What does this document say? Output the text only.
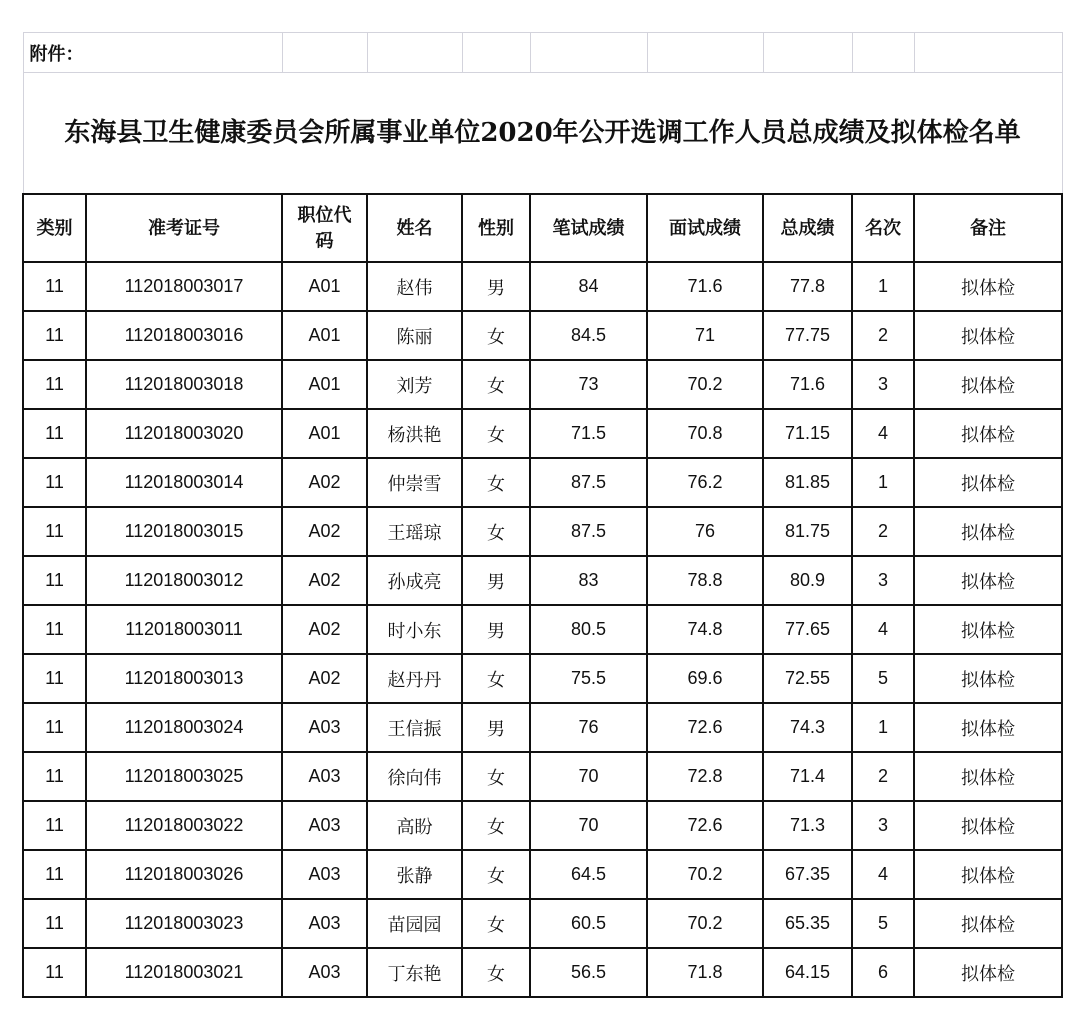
附件：									
东海县卫生健康委员会所属事业单位2020年公开选调工作人员总成绩及拟体检名单									
类别	准考证号	职位代码	姓名	性别	笔试成绩	面试成绩	总成绩	名次	备注
11	112018003017	A01	赵伟	男	84	71.6	77.8	1	拟体检
11	112018003016	A01	陈丽	女	84.5	71	77.75	2	拟体检
11	112018003018	A01	刘芳	女	73	70.2	71.6	3	拟体检
11	112018003020	A01	杨洪艳	女	71.5	70.8	71.15	4	拟体检
11	112018003014	A02	仲崇雪	女	87.5	76.2	81.85	1	拟体检
11	112018003015	A02	王瑶琼	女	87.5	76	81.75	2	拟体检
11	112018003012	A02	孙成亮	男	83	78.8	80.9	3	拟体检
11	112018003011	A02	时小东	男	80.5	74.8	77.65	4	拟体检
11	112018003013	A02	赵丹丹	女	75.5	69.6	72.55	5	拟体检
11	112018003024	A03	王信振	男	76	72.6	74.3	1	拟体检
11	112018003025	A03	徐向伟	女	70	72.8	71.4	2	拟体检
11	112018003022	A03	高盼	女	70	72.6	71.3	3	拟体检
11	112018003026	A03	张静	女	64.5	70.2	67.35	4	拟体检
11	112018003023	A03	苗园园	女	60.5	70.2	65.35	5	拟体检
11	112018003021	A03	丁东艳	女	56.5	71.8	64.15	6	拟体检
